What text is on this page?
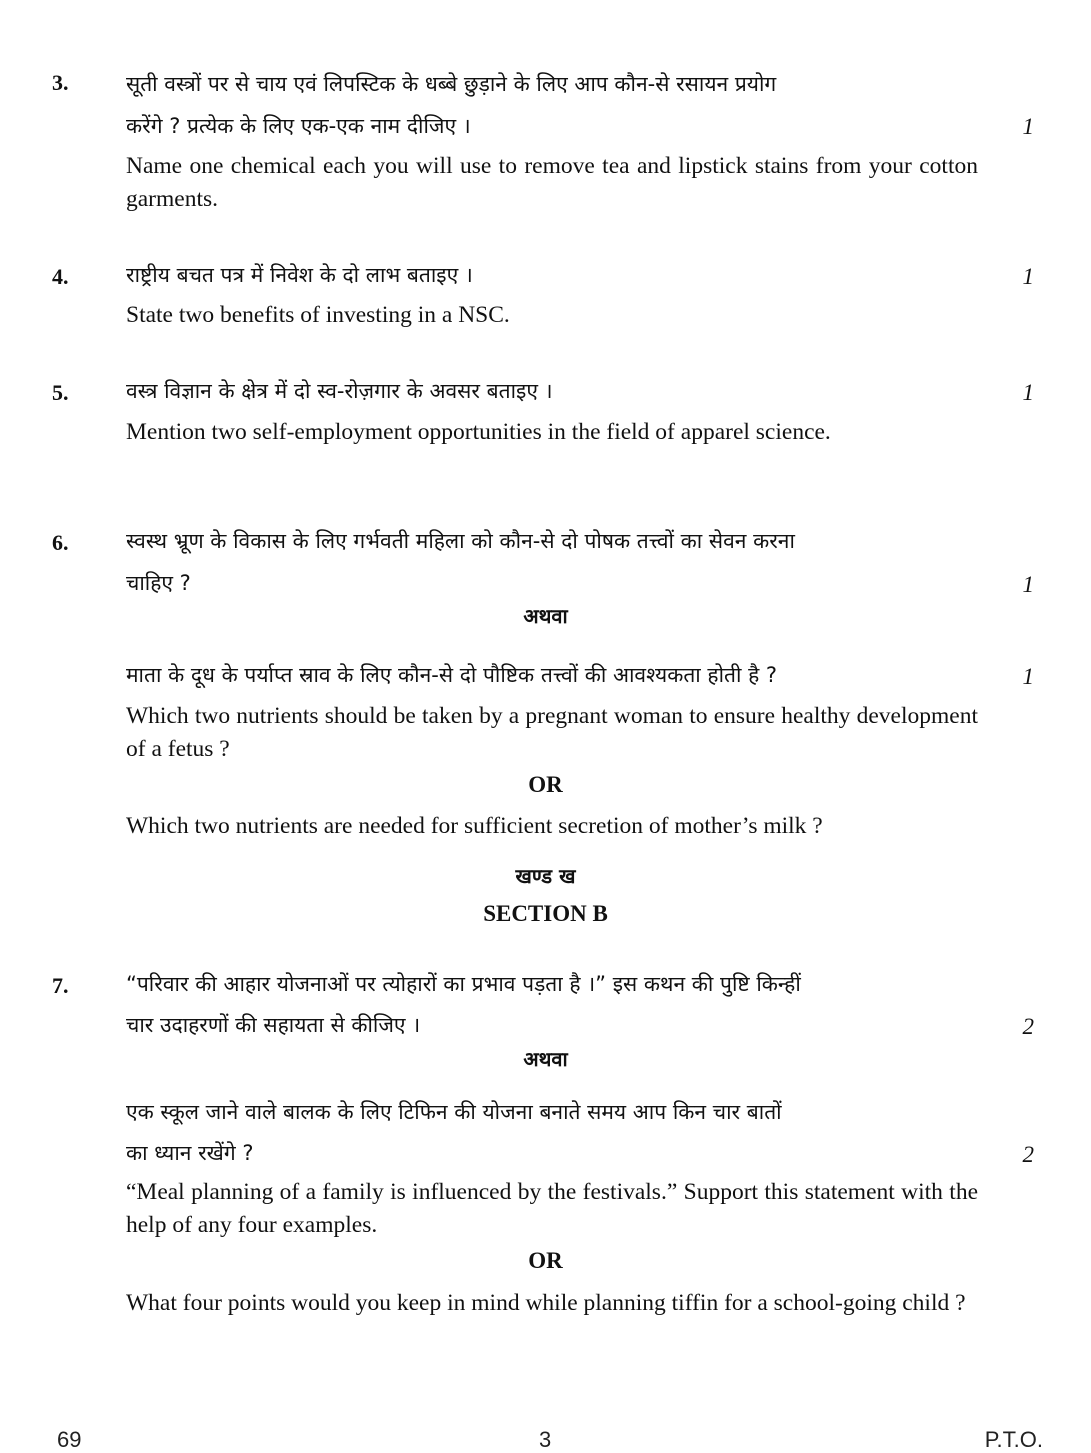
3.	सूती वस्त्रों पर से चाय एवं लिपस्टिक के धब्बे छुड़ाने के लिए आप कौन-से रसायन प्रयोग
करेंगे ? प्रत्येक के लिए एक-एक नाम दीजिए ।	1
Name one chemical each you will use to remove tea and lipstick stains from your cotton garments.
4.	राष्ट्रीय बचत पत्र में निवेश के दो लाभ बताइए ।	1
State two benefits of investing in a NSC.
5.	वस्त्र विज्ञान के क्षेत्र में दो स्व-रोज़गार के अवसर बताइए ।	1
Mention two self-employment opportunities in the field of apparel science.
6.	स्वस्थ भ्रूण के विकास के लिए गर्भवती महिला को कौन-से दो पोषक तत्त्वों का सेवन करना
चाहिए ?	1
अथवा
माता के दूध के पर्याप्त स्राव के लिए कौन-से दो पौष्टिक तत्त्वों की आवश्यकता होती है ?	1
Which two nutrients should be taken by a pregnant woman to ensure healthy development of a fetus ?
OR
Which two nutrients are needed for sufficient secretion of mother’s milk ?
खण्ड ख
SECTION B
7.	“परिवार की आहार योजनाओं पर त्योहारों का प्रभाव पड़ता है ।” इस कथन की पुष्टि किन्हीं
चार उदाहरणों की सहायता से कीजिए ।	2
अथवा
एक स्कूल जाने वाले बालक के लिए टिफिन की योजना बनाते समय आप किन चार बातों
का ध्यान रखेंगे ?	2
“Meal planning of a family is influenced by the festivals.” Support this statement with the help of any four examples.
OR
What four points would you keep in mind while planning tiffin for a school-going child ?
69	3	P.T.O.
